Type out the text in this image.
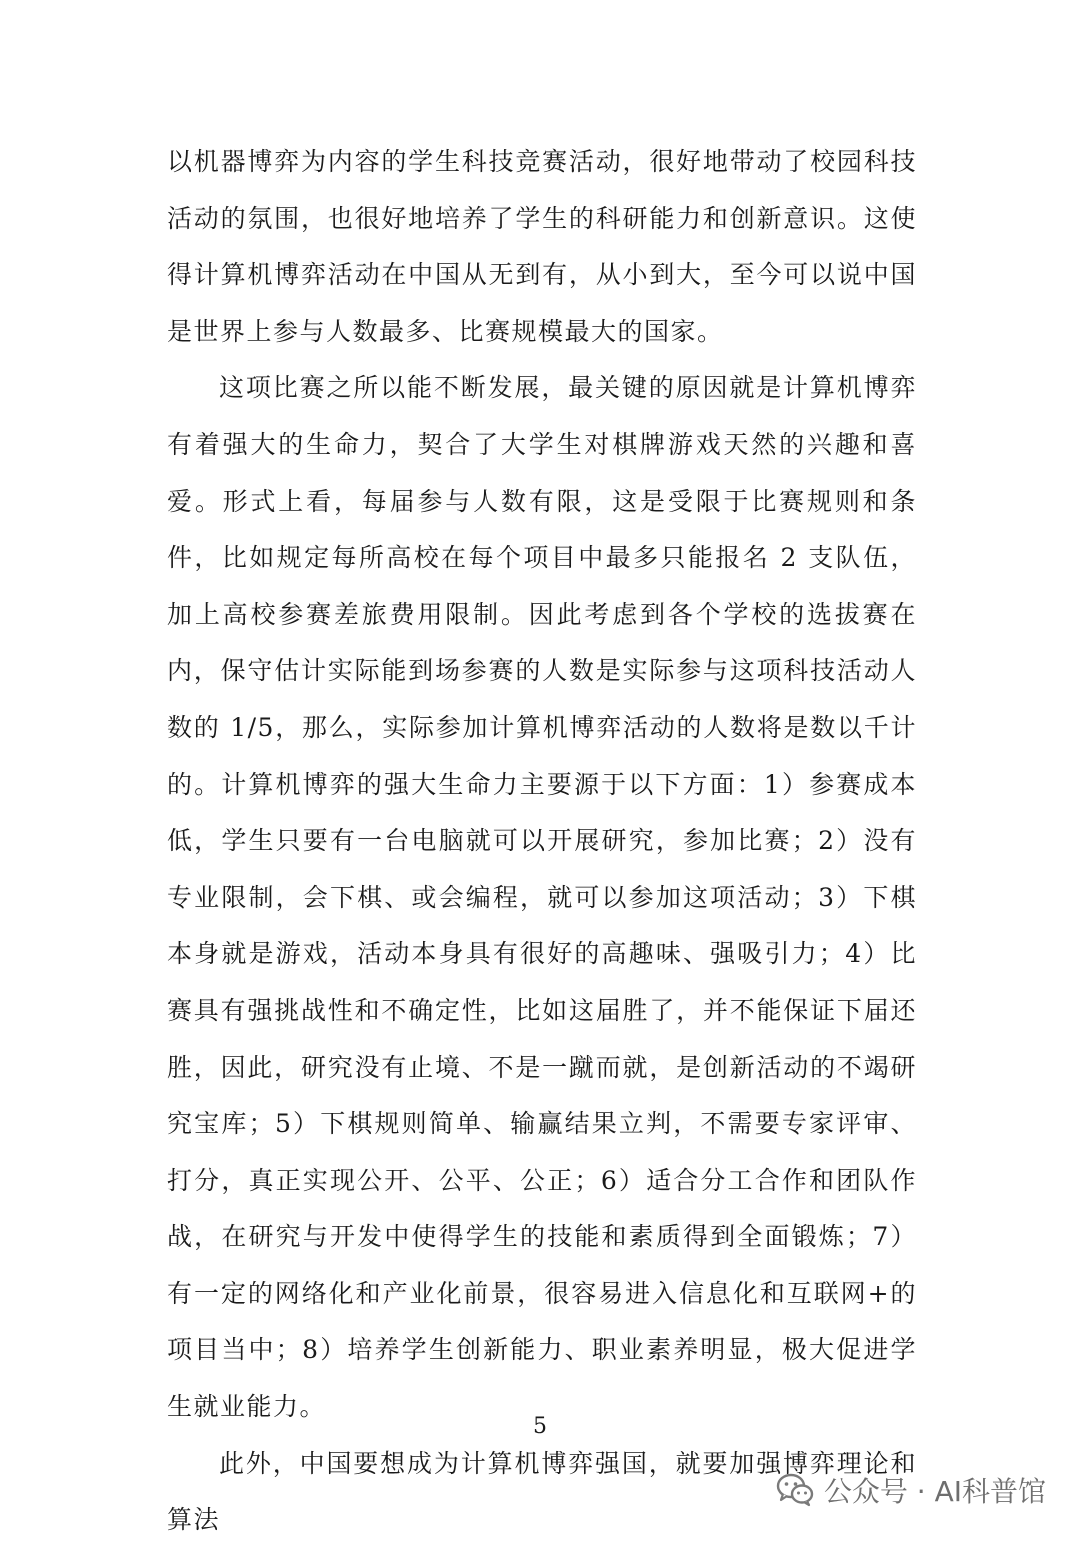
以机器博弈为内容的学生科技竞赛活动，很好地带动了校园科技活动的氛围，也很好地培养了学生的科研能力和创新意识。这使得计算机博弈活动在中国从无到有，从小到大，至今可以说中国是世界上参与人数最多、比赛规模最大的国家。

这项比赛之所以能不断发展，最关键的原因就是计算机博弈有着强大的生命力，契合了大学生对棋牌游戏天然的兴趣和喜爱。形式上看，每届参与人数有限，这是受限于比赛规则和条件，比如规定每所高校在每个项目中最多只能报名 2 支队伍，加上高校参赛差旅费用限制。因此考虑到各个学校的选拔赛在内，保守估计实际能到场参赛的人数是实际参与这项科技活动人数的 1/5，那么，实际参加计算机博弈活动的人数将是数以千计的。计算机博弈的强大生命力主要源于以下方面：1）参赛成本低，学生只要有一台电脑就可以开展研究，参加比赛；2）没有专业限制，会下棋、或会编程，就可以参加这项活动；3）下棋本身就是游戏，活动本身具有很好的高趣味、强吸引力；4）比赛具有强挑战性和不确定性，比如这届胜了，并不能保证下届还胜，因此，研究没有止境、不是一蹴而就，是创新活动的不竭研究宝库；5）下棋规则简单、输赢结果立判，不需要专家评审、打分，真正实现公开、公平、公正；6）适合分工合作和团队作战，在研究与开发中使得学生的技能和素质得到全面锻炼；7）有一定的网络化和产业化前景，很容易进入信息化和互联网+的项目当中；8）培养学生创新能力、职业素养明显，极大促进学生就业能力。

此外，中国要想成为计算机博弈强国，就要加强博弈理论和算法

5
公众号 · AI科普馆
